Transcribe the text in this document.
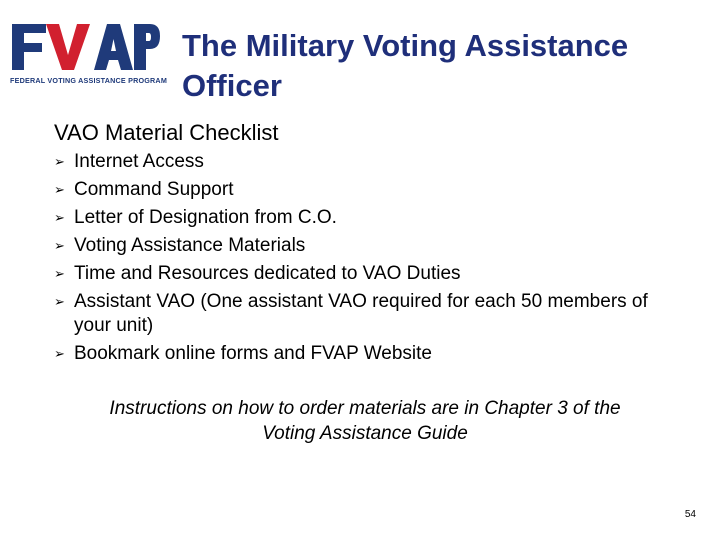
FEDERAL VOTING ASSISTANCE PROGRAM
The Military Voting Assistance Officer
VAO Material Checklist
➢ Internet Access
➢ Command Support
➢ Letter of Designation from C.O.
➢ Voting Assistance Materials
➢ Time and Resources dedicated to VAO Duties
➢ Assistant VAO (One assistant VAO required for each 50 members of your unit)
➢ Bookmark online forms and FVAP Website
Instructions on how to order materials are in Chapter 3 of the Voting Assistance Guide
54
